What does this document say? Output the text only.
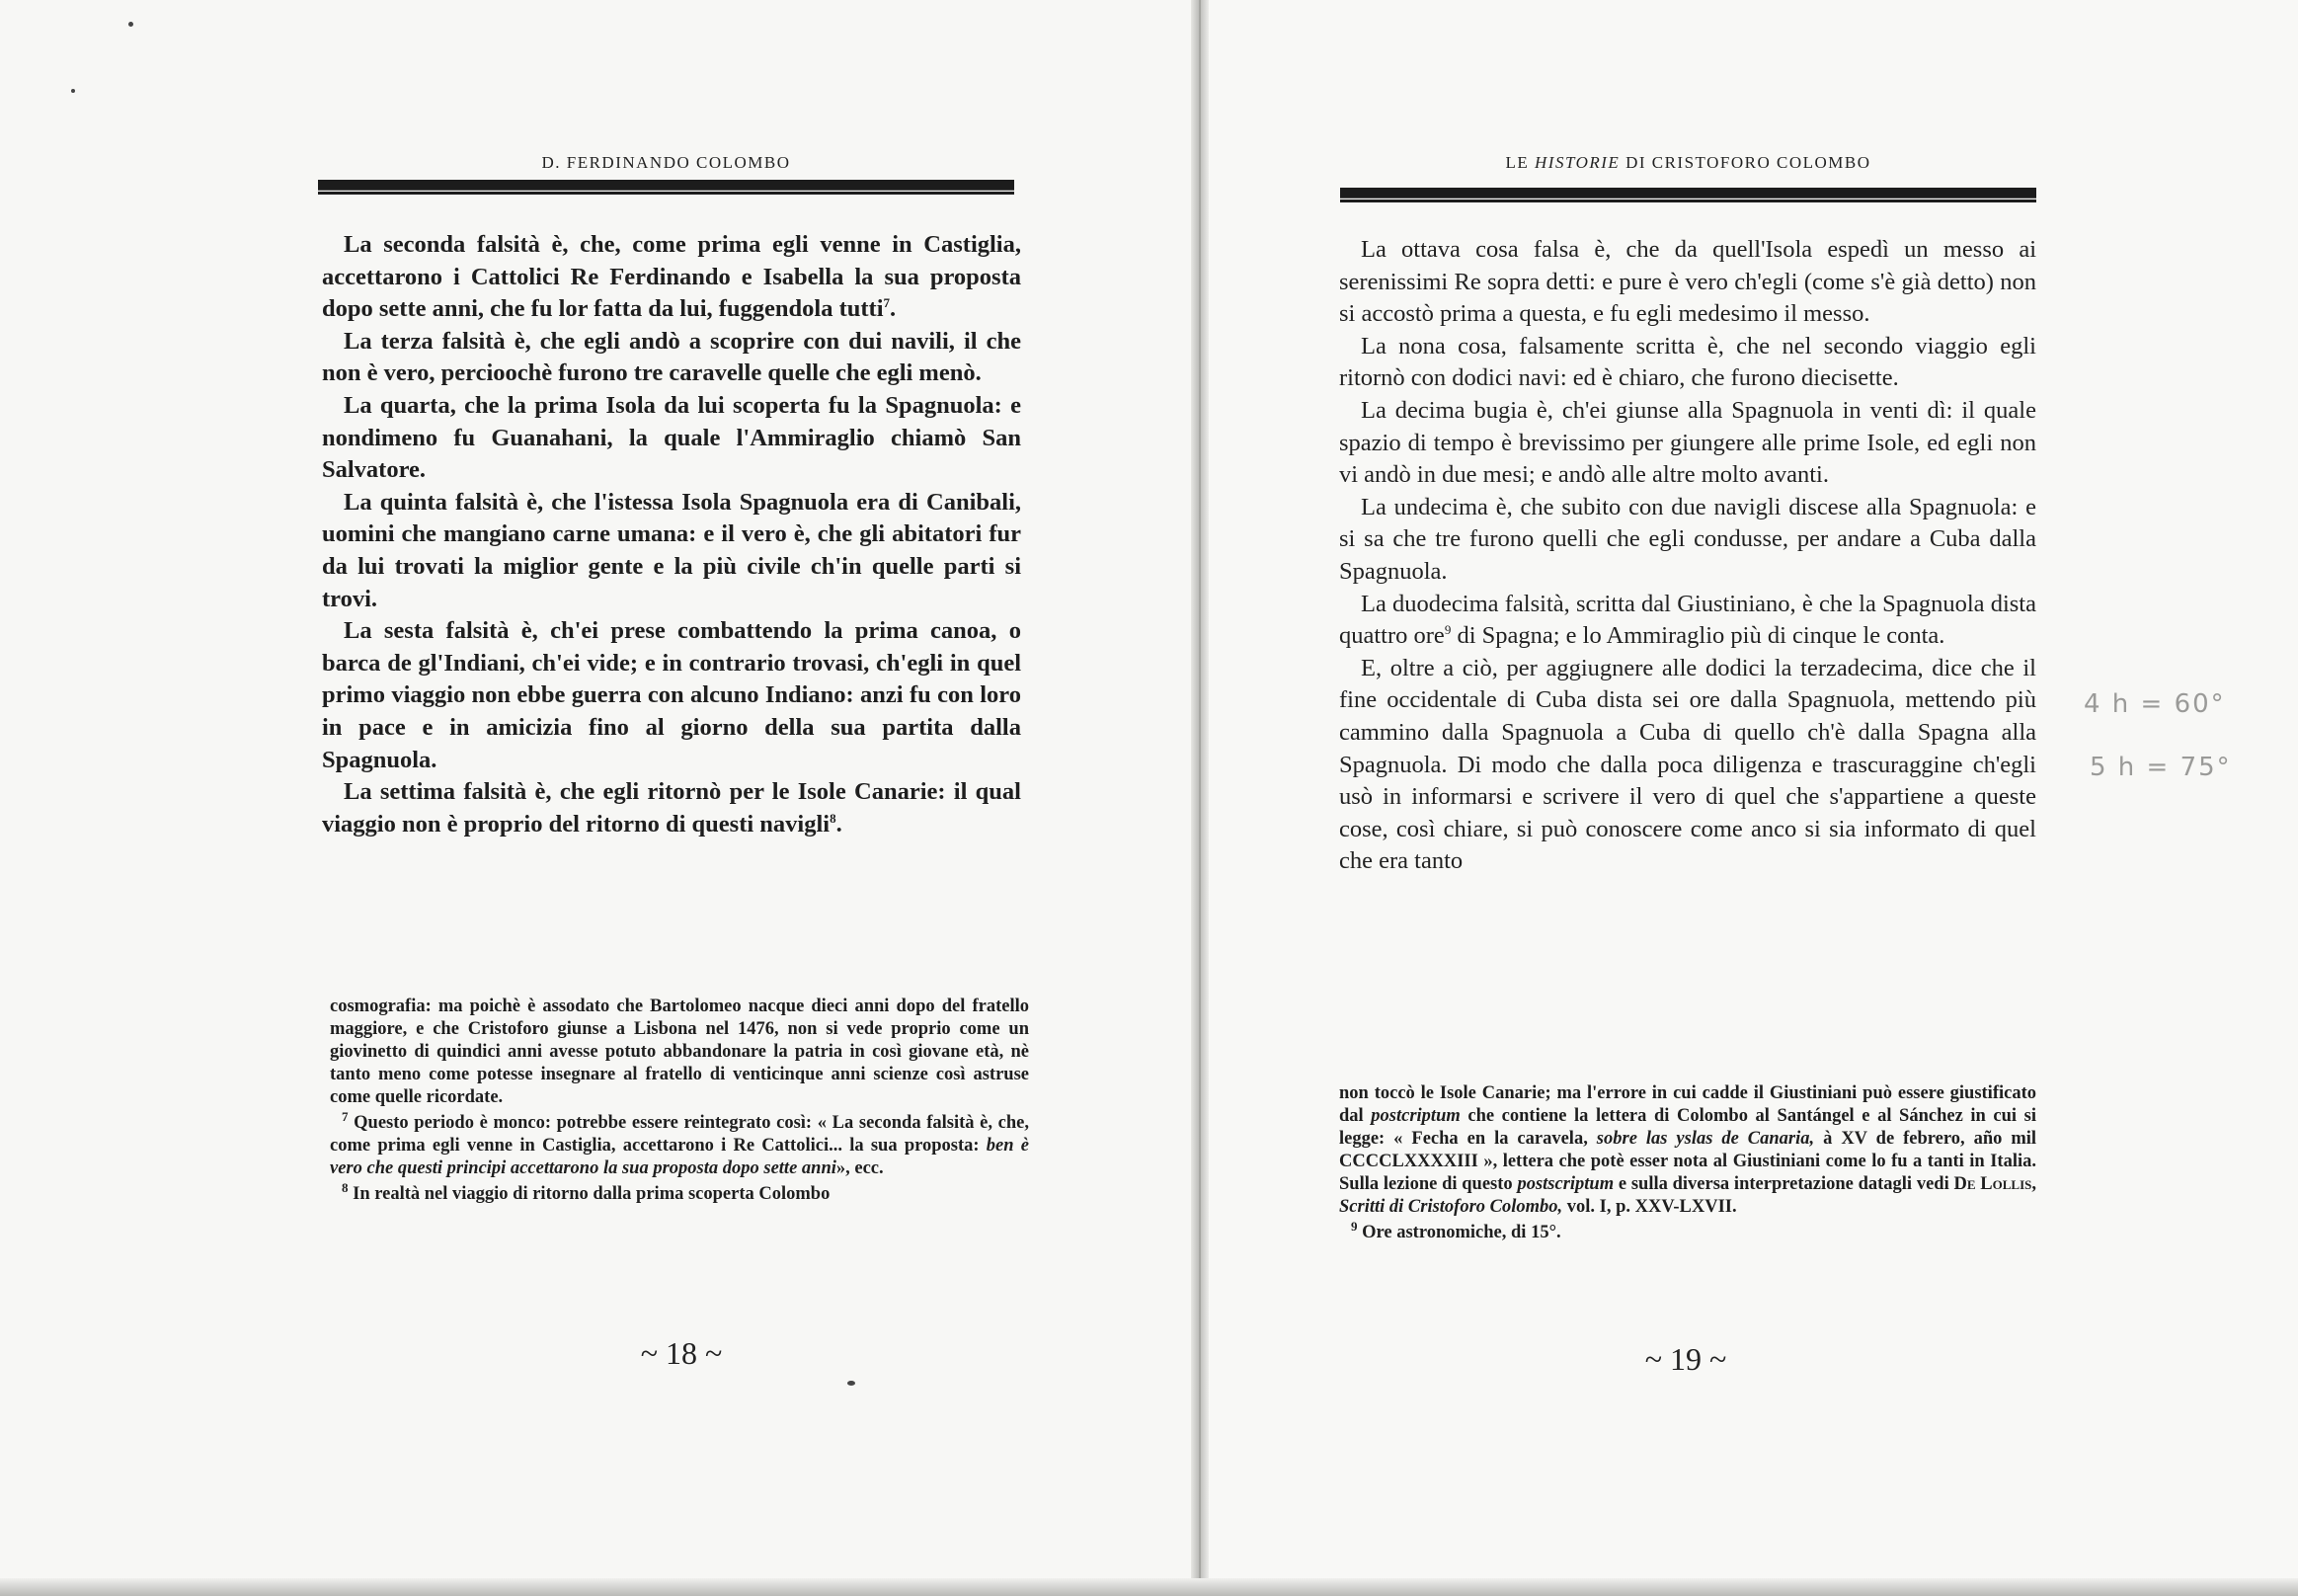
D. FERDINANDO COLOMBO

La seconda falsità è, che, come prima egli venne in Castiglia, accettarono i Cattolici Re Ferdinando e Isabella la sua proposta dopo sette anni, che fu lor fatta da lui, fuggendola tutti$^7$.

La terza falsità è, che egli andò a scoprire con dui navili, il che non è vero, percioochè furono tre caravelle quelle che egli menò.

La quarta, che la prima Isola da lui scoperta fu la Spagnuola: e nondimeno fu Guanahani, la quale l'Ammiraglio chiamò San Salvatore.

La quinta falsità è, che l'istessa Isola Spagnuola era di Canibali, uomini che mangiano carne umana: e il vero è, che gli abitatori fur da lui trovati la miglior gente e la più civile ch'in quelle parti si trovi.

La sesta falsità è, ch'ei prese combattendo la prima canoa, o barca de gl'Indiani, ch'ei vide; e in contrario trovasi, ch'egli in quel primo viaggio non ebbe guerra con alcuno Indiano: anzi fu con loro in pace e in amicizia fino al giorno della sua partita dalla Spagnuola.

La settima falsità è, che egli ritornò per le Isole Canarie: il qual viaggio non è proprio del ritorno di questi navigli$^8$.

cosmografia: ma poichè è assodato che Bartolomeo nacque dieci anni dopo del fratello maggiore, e che Cristoforo giunse a Lisbona nel 1476, non si vede proprio come un giovinetto di quindici anni avesse potuto abbandonare la patria in così giovane età, nè tanto meno come potesse insegnare al fratello di venticinque anni scienze così astruse come quelle ricordate.

$^7$ Questo periodo è monco: potrebbe essere reintegrato così: « La seconda falsità è, che, come prima egli venne in Castiglia, accettarono i Re Cattolici... la sua proposta: ben è vero che questi principi accettarono la sua proposta dopo sette anni», ecc.

$^8$ In realtà nel viaggio di ritorno dalla prima scoperta Colombo

~ 18 ~
LE HISTORIE DI CRISTOFORO COLOMBO

La ottava cosa falsa è, che da quell'Isola espedì un messo ai serenissimi Re sopra detti: e pure è vero ch'egli (come s'è già detto) non si accostò prima a questa, e fu egli medesimo il messo.

La nona cosa, falsamente scritta è, che nel secondo viaggio egli ritornò con dodici navi: ed è chiaro, che furono diecisette.

La decima bugia è, ch'ei giunse alla Spagnuola in venti dì: il quale spazio di tempo è brevissimo per giungere alle prime Isole, ed egli non vi andò in due mesi; e andò alle altre molto avanti.

La undecima è, che subito con due navigli discese alla Spagnuola: e si sa che tre furono quelli che egli condusse, per andare a Cuba dalla Spagnuola.

La duodecima falsità, scritta dal Giustiniano, è che la Spagnuola dista quattro ore$^9$ di Spagna; e lo Ammiraglio più di cinque le conta.

E, oltre a ciò, per aggiugnere alle dodici la terzadecima, dice che il fine occidentale di Cuba dista sei ore dalla Spagnuola, mettendo più cammino dalla Spagnuola a Cuba di quello ch'è dalla Spagna alla Spagnuola. Di modo che dalla poca diligenza e trascuraggine ch'egli usò in informarsi e scrivere il vero di quel che s'appartiene a queste cose, così chiare, si può conoscere come anco si sia informato di quel che era tanto

non toccò le Isole Canarie; ma l'errore in cui cadde il Giustiniani può essere giustificato dal postcriptum che contiene la lettera di Colombo al Santángel e al Sánchez in cui si legge: « Fecha en la caravela, sobre las yslas de Canaria, à XV de febrero, año mil CCCCLXXXXIII », lettera che potè esser nota al Giustiniani come lo fu a tanti in Italia. Sulla lezione di questo postscriptum e sulla diversa interpretazione datagli vedi De Lollis, Scritti di Cristoforo Colombo, vol. I, p. XXV-LXVII.

$^9$ Ore astronomiche, di 15°.

~ 19 ~
4 h = 60°
5 h = 75°
